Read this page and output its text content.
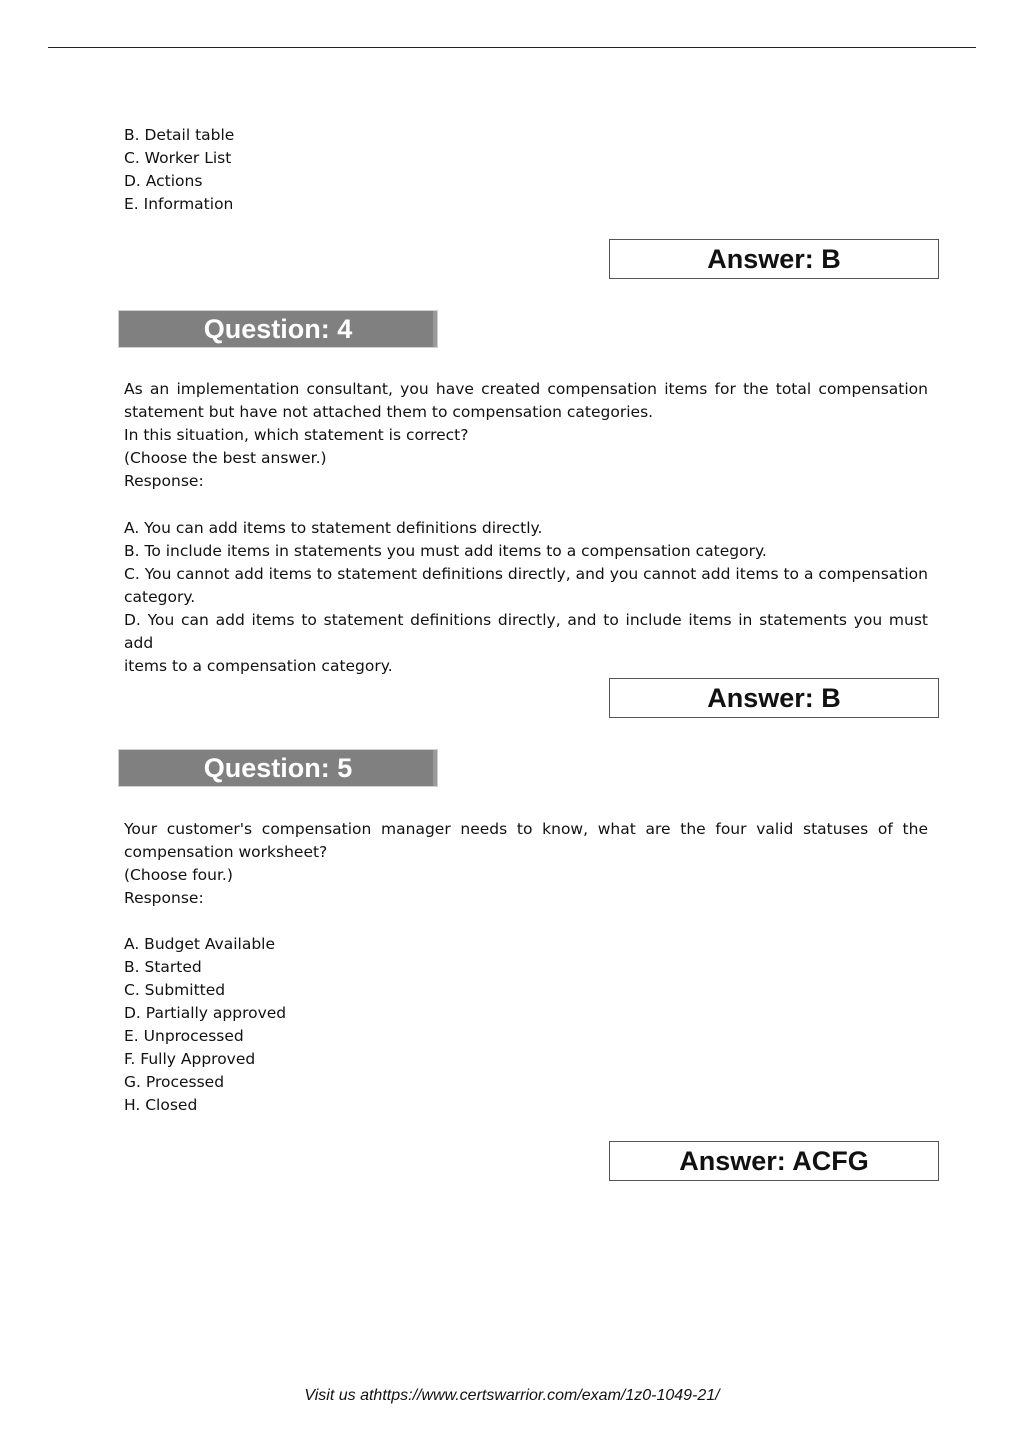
B. Detail table
C. Worker List
D. Actions
E. Information
Answer: B
Question: 4
As an implementation consultant, you have created compensation items for the total compensation
statement but have not attached them to compensation categories.
In this situation, which statement is correct?
(Choose the best answer.)
Response:
A. You can add items to statement definitions directly.
B. To include items in statements you must add items to a compensation category.
C. You cannot add items to statement definitions directly, and you cannot add items to a compensation
category.
D. You can add items to statement definitions directly, and to include items in statements you must add
items to a compensation category.
Answer: B
Question: 5
Your customer's compensation manager needs to know, what are the four valid statuses of the
compensation worksheet?
(Choose four.)
Response:
A. Budget Available
B. Started
C. Submitted
D. Partially approved
E. Unprocessed
F. Fully Approved
G. Processed
H. Closed
Answer: ACFG
Visit us athttps://www.certswarrior.com/exam/1z0-1049-21/
